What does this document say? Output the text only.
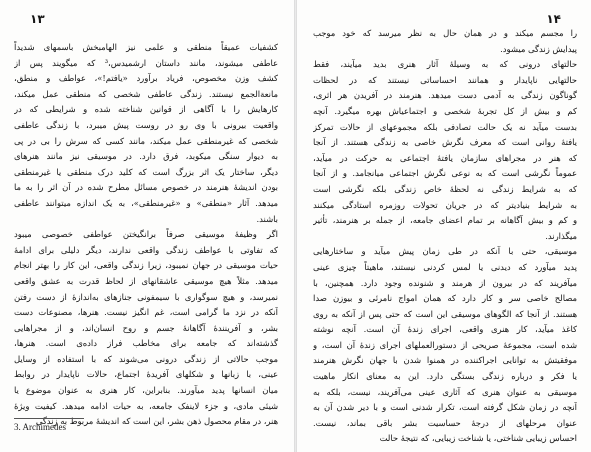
۱۳
کشفیات عمیقاً منطقی و علمی نیز الهامبخش باسمهای شدیداً
عاطفی میشوند، مانند داستان ارشمیدس،³ که میگویند پس از
کشف وزن مخصوص، فریاد برآورد «یافتم!»، عواطف و منطق،
مانعةالجمع نیستند. زندگی عاطفی شخصی که منطقی عمل میکند،
کارهایش را با آگاهی از قوانین شناخته شده و شرایطی که در
واقعیت بیرونی با وی رو در روست پیش میبرد، با زندگی عاطفی
شخصی که غیرمنطقی عمل میکند، مانند کسی که سرش را بی در پی
به دیوار سنگی میکوبد، فرق دارد. در موسیقی نیز مانند هنرهای
دیگر، ساختار یک اثر بزرگ است که کلید درک منطقی یا غیرمنطقی
بودن اندیشهٔ هنرمند در خصوص مسائل مطرح شده در آن اثر را به ما
میدهد. آثار «منطقی» و «غیرمنطقی»، به یک اندازه میتوانند عاطفی
باشند.
اگر وظیفهٔ موسیقی صرفاً برانگیختن عواطفی خصوصی میبود
که تفاوتی با عواطف زندگی واقعی ندارند، دیگر دلیلی برای ادامهٔ
حیات موسیقی در جهان نمیبود، زیرا زندگی واقعی، این کار را بهتر انجام
میدهد. مثلاً هیچ موسیقی عاشقانهای از لحاظ قدرت به عشق واقعی
نمیرسد، و هیچ سوگواری با سیمفونی جنازهای به‌اندازهٔ از دست رفتن
آنکه در نزد ما گرامی است، غم انگیز نیست. هنرها، مصنوعات دست
بشر، و آفرینندهٔ آگاهانهٔ جسم و روح انسان‌اند، و از مجراهایی
گذشته‌اند که جامعه برای مخاطب فراز داده‌ی است. هنرها،
موجب حالاتی از زندگی درونی می‌شوند که با استفاده از وسایل
عینی، با زبانها و شکلهای آفریدهٔ اجتماع، حالات ناپایدار در روابط
میان انسانها پدید میآورند. بنابراین، کار هنری به عنوان موضوع یا
شیئی مادی، و جزء لاینفک جامعه، به حیات ادامه میدهد. کیفیت ویژهٔ
هنر، در مقام محصول ذهن بشر، این است که اندیشهٔ مربوط به زندگی
3. Archimedes
۱۴
را مجسم میکند و در همان حال به نظر میرسد که خود موجب
پیدایش زندگی میشود.
حالتهای درونی که به وسیلهٔ آثار هنری بدید میآیند، فقط
حالتهایی ناپایدار و همانند احساساتی نیستند که در لحظات
گوناگون زندگی به آدمی دست میدهد. هنرمند در آفریدن هر اثری،
کم و بیش از کل تجربهٔ شخصی و اجتماعیاش بهره میگیرد. آنچه
بدست میآید نه یک حالت تصادفی بلکه مجموعهای از حالات تمرکز
یافتهٔ روانی است که معرف نگرش خاصی به زندگی هستند. از آنجا
که هنر در مجراهای سازمان یافتهٔ اجتماعی به حرکت در میآید،
عموماً نگرشی است که به نوعی نگرش اجتماعی میانجامد. و از آنجا
که به شرایط زندگی نه لحظهٔ خاص زندگی بلکه نگرشی است
به شرایط بنیادیتر که در جریان تحولات روزمره استادگی میکنند
و کم و بیش آگاهانه بر تمام اعضای جامعه، از جمله بر هنرمند، تأثیر
میگذارند.
موسیقی، حتی با آنکه در طی زمان پیش میآید و ساختارهایی
پدید میآورد که دیدنی یا لمس کردنی نیستند، ماهیتاً چیزی عینی
میآفریند که در بیرون از هرمند و شنونده وجود دارد. همچنین، با
مصالح خاصی سر و کار دارد که همان امواج نامرئی و بیوزن صدا
هستند. از آنجا که الگوهای موسیقی این است که حتی پس از آنکه به روی
کاغذ میآید، کار هنری واقعی، اجرای زندهٔ آن است. آنچه نوشته
شده است، مجموعهٔ صریحی از دستورالعملهای اجرای زندهٔ آن است، و
موفقیتش به توانایی اجراکننده در همنوا شدن با جهان نگرش هنرمند
یا فکر و درباره زندگی بستگی دارد. این به معنای انکار ماهیت
موسیقی به عنوان هنری که آثاری عینی می‌آفریند، نیست، بلکه به
آنچه در زمان شکل گرفته است، تکرار شدنی است و با دیر شدن آن به
عنوان مرحلهای از درجهٔ حساسیت بشر باقی بماند، نیست.
احساس زیبایی شناختی، یا شناخت زیبایی، که نتیجهٔ حالت
